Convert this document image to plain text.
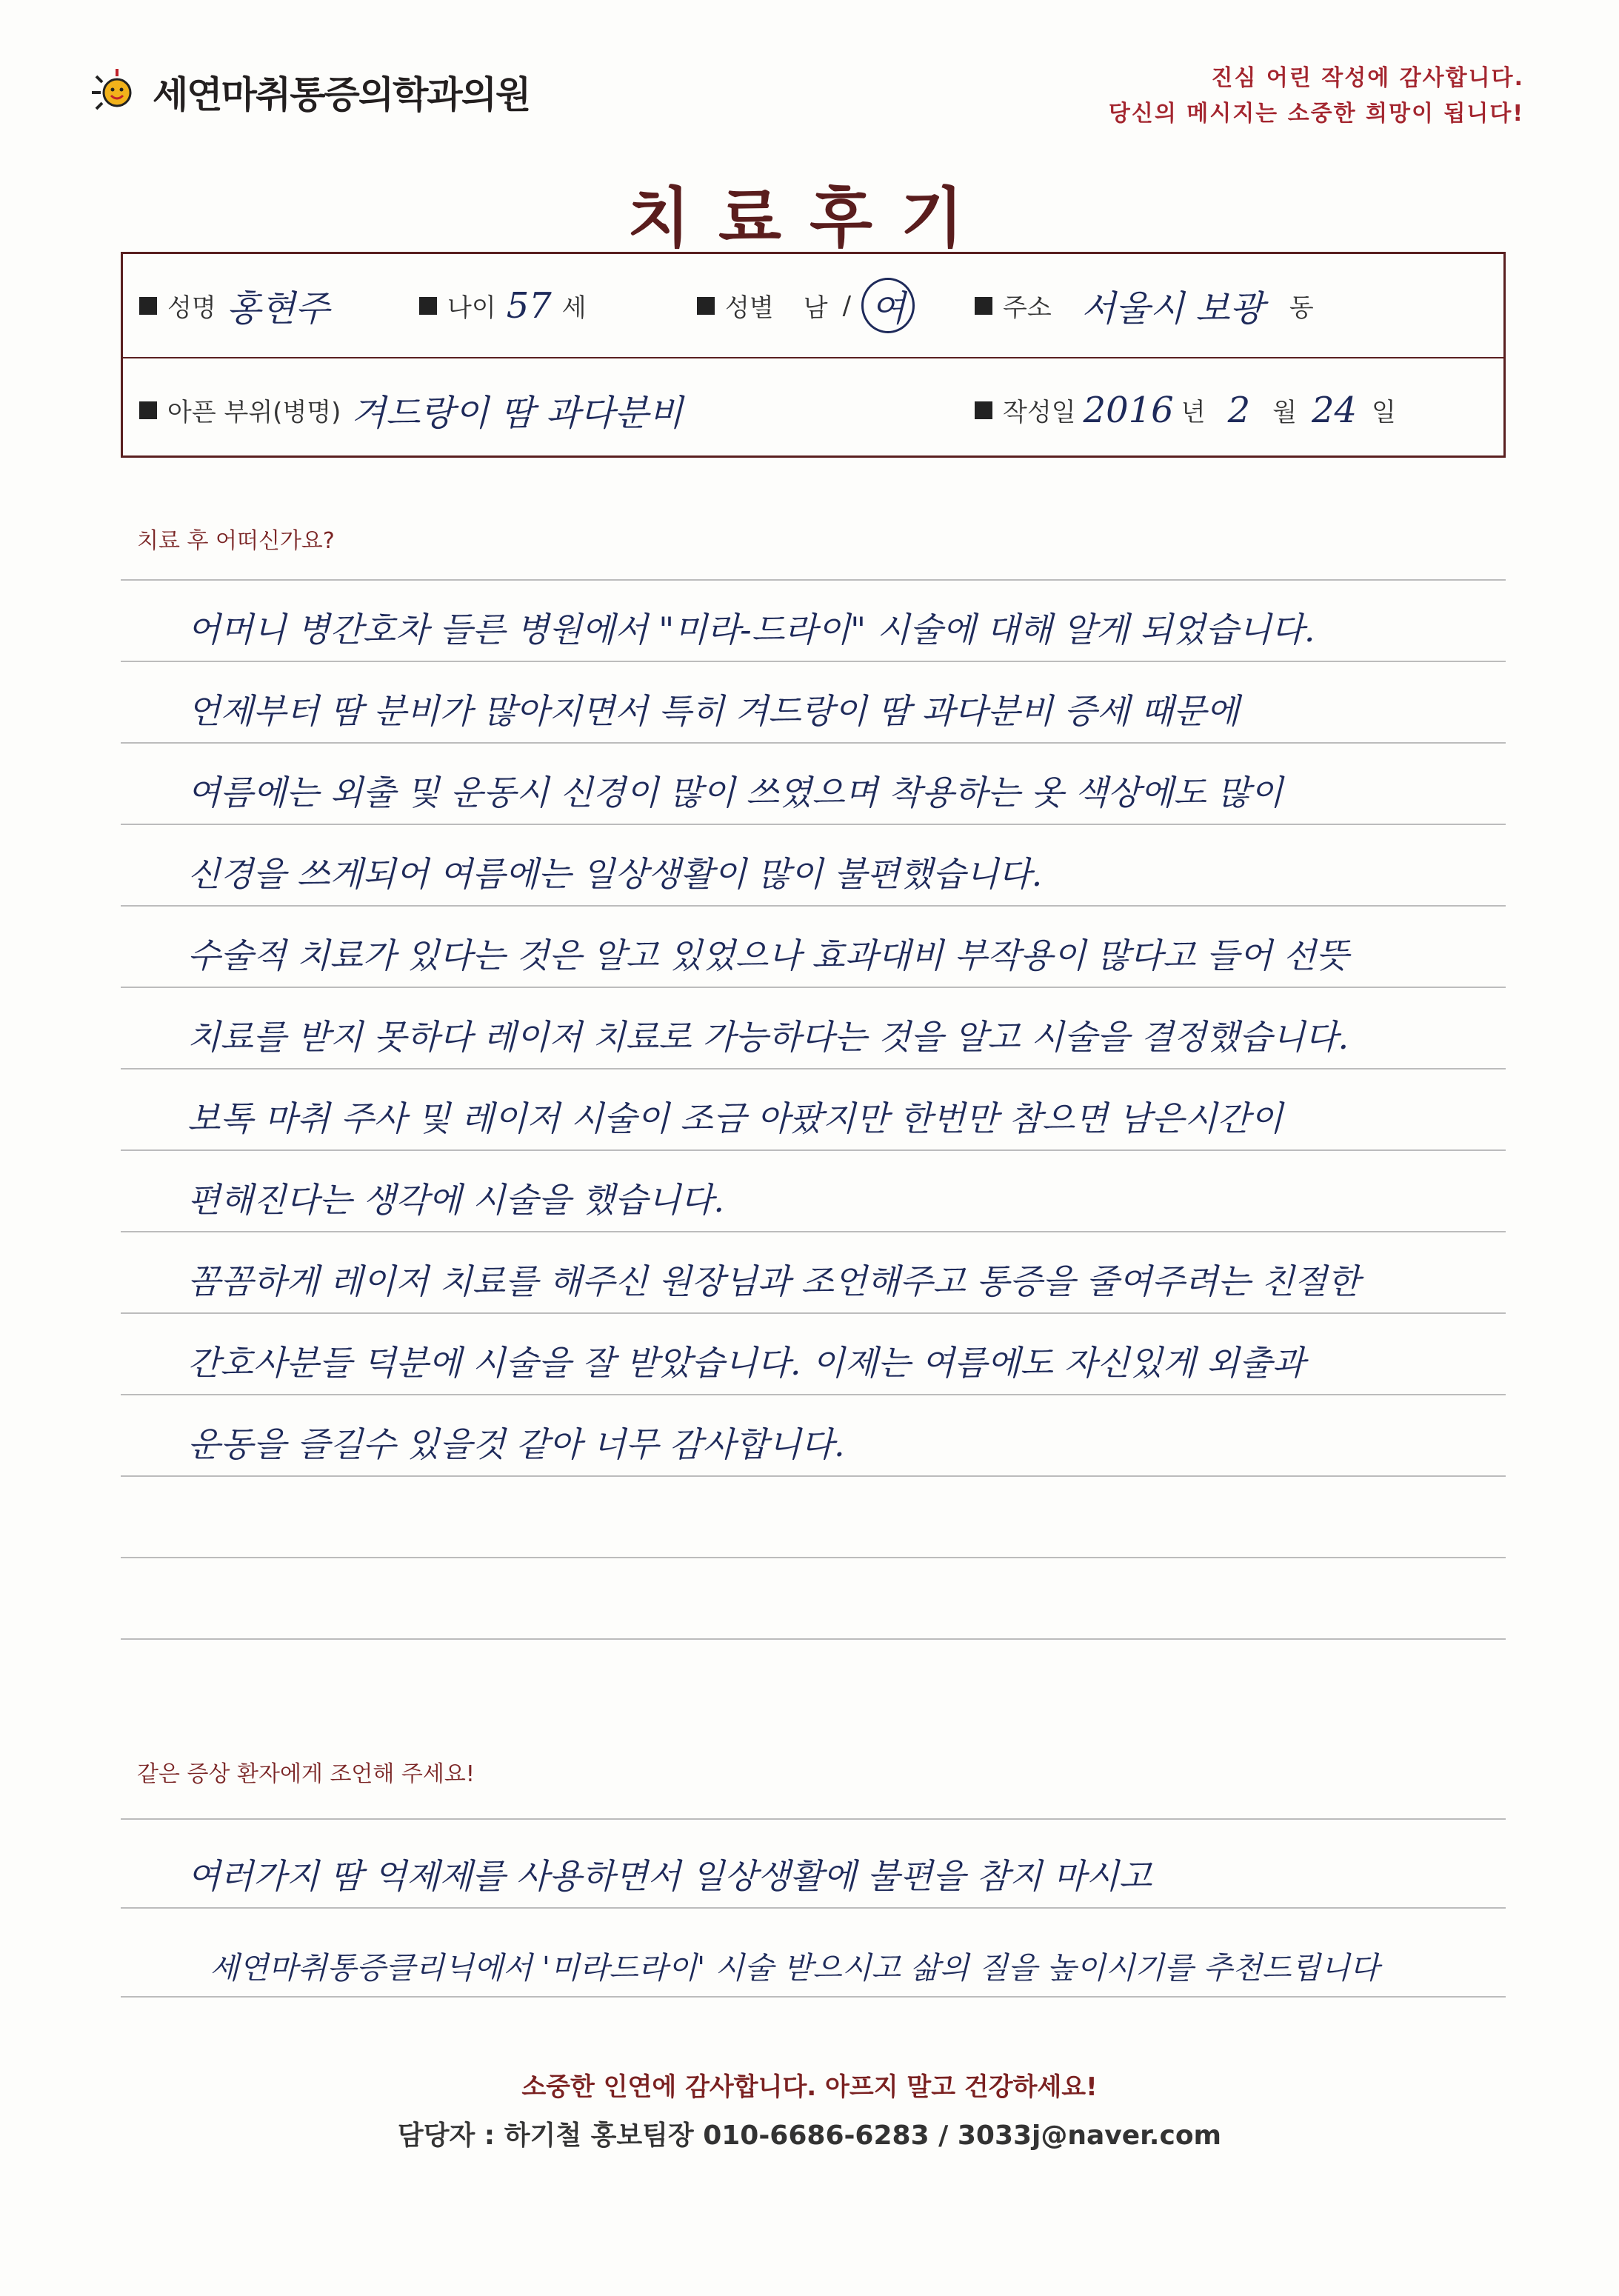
세연마취통증의학과의원	진심 어린 작성에 감사합니다.
당신의 메시지는 소중한 희망이 됩니다!
치료후기
성명 홍현주	나이 57 세	성별 남 / 여	주소 서울시 보광 동
아픈 부위(병명) 겨드랑이 땀 과다분비	작성일 2016 년 2 월 24 일
치료 후 어떠신가요?
어머니 병간호차 들른 병원에서 "미라-드라이" 시술에 대해 알게 되었습니다.
언제부터 땀 분비가 많아지면서 특히 겨드랑이 땀 과다분비 증세 때문에
여름에는 외출 및 운동시 신경이 많이 쓰였으며 착용하는 옷 색상에도 많이
신경을 쓰게되어 여름에는 일상생활이 많이 불편했습니다.
수술적 치료가 있다는 것은 알고 있었으나 효과대비 부작용이 많다고 들어 선뜻
치료를 받지 못하다 레이저 치료로 가능하다는 것을 알고 시술을 결정했습니다.
보톡 마취 주사 및 레이저 시술이 조금 아팠지만 한번만 참으면 남은시간이
편해진다는 생각에 시술을 했습니다.
꼼꼼하게 레이저 치료를 해주신 원장님과 조언해주고 통증을 줄여주려는 친절한
간호사분들 덕분에 시술을 잘 받았습니다. 이제는 여름에도 자신있게 외출과
운동을 즐길수 있을것 같아 너무 감사합니다.
같은 증상 환자에게 조언해 주세요!
여러가지 땀 억제제를 사용하면서 일상생활에 불편을 참지 마시고
세연마취통증클리닉에서 '미라드라이' 시술 받으시고 삶의 질을 높이시기를 추천드립니다
소중한 인연에 감사합니다. 아프지 말고 건강하세요!
담당자 : 하기철 홍보팀장 010-6686-6283 / 3033j@naver.com
